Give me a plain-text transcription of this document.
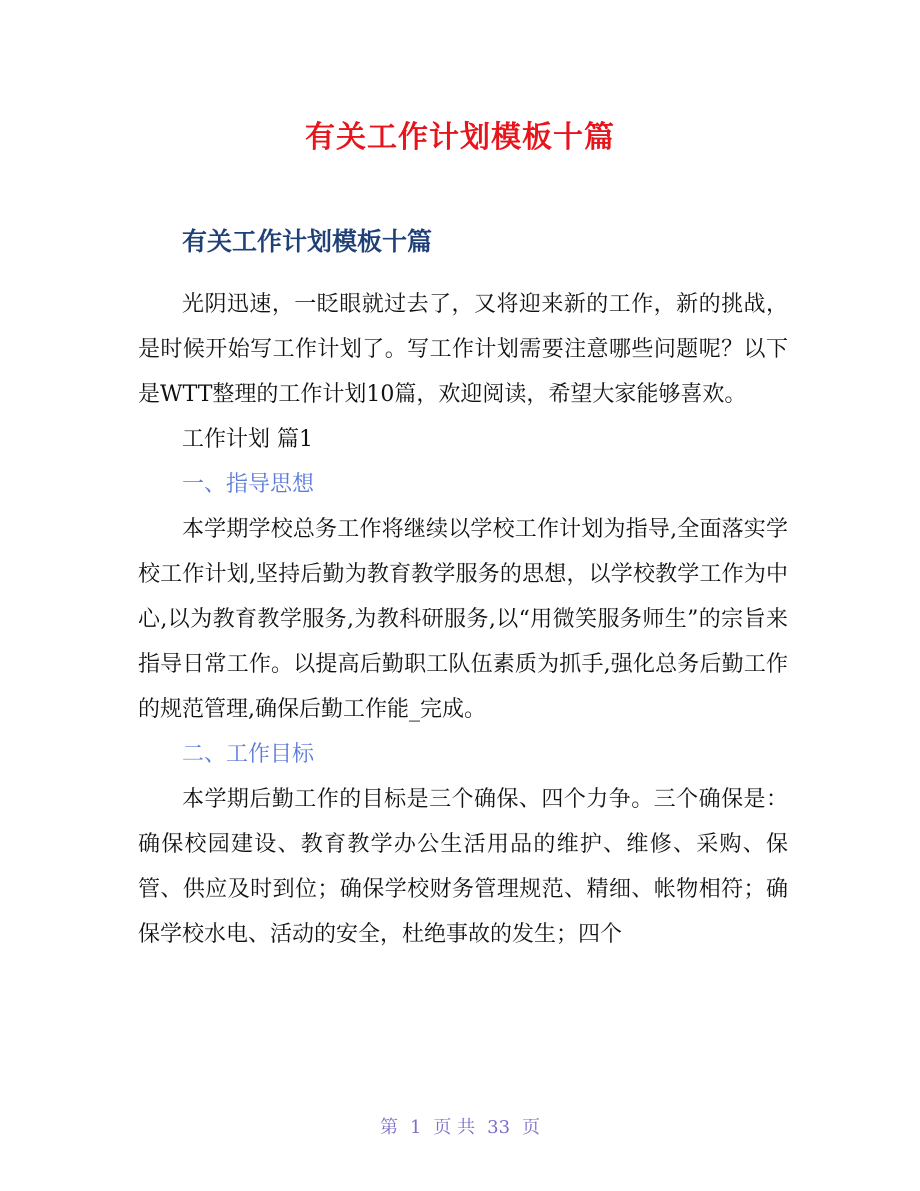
有关工作计划模板十篇
有关工作计划模板十篇

光阴迅速，一眨眼就过去了，又将迎来新的工作，新的挑战，是时候开始写工作计划了。写工作计划需要注意哪些问题呢？以下是WTT整理的工作计划10篇，欢迎阅读，希望大家能够喜欢。

工作计划 篇1

一、指导思想

本学期学校总务工作将继续以学校工作计划为指导,全面落实学校工作计划,坚持后勤为教育教学服务的思想，以学校教学工作为中心,以为教育教学服务,为教科研服务,以“用微笑服务师生”的宗旨来指导日常工作。以提高后勤职工队伍素质为抓手,强化总务后勤工作的规范管理,确保后勤工作能_完成。

二、工作目标

本学期后勤工作的目标是三个确保、四个力争。三个确保是：确保校园建设、教育教学办公生活用品的维护、维修、采购、保管、供应及时到位；确保学校财务管理规范、精细、帐物相符；确保学校水电、活动的安全，杜绝事故的发生；四个

第 1 页 共 33 页
